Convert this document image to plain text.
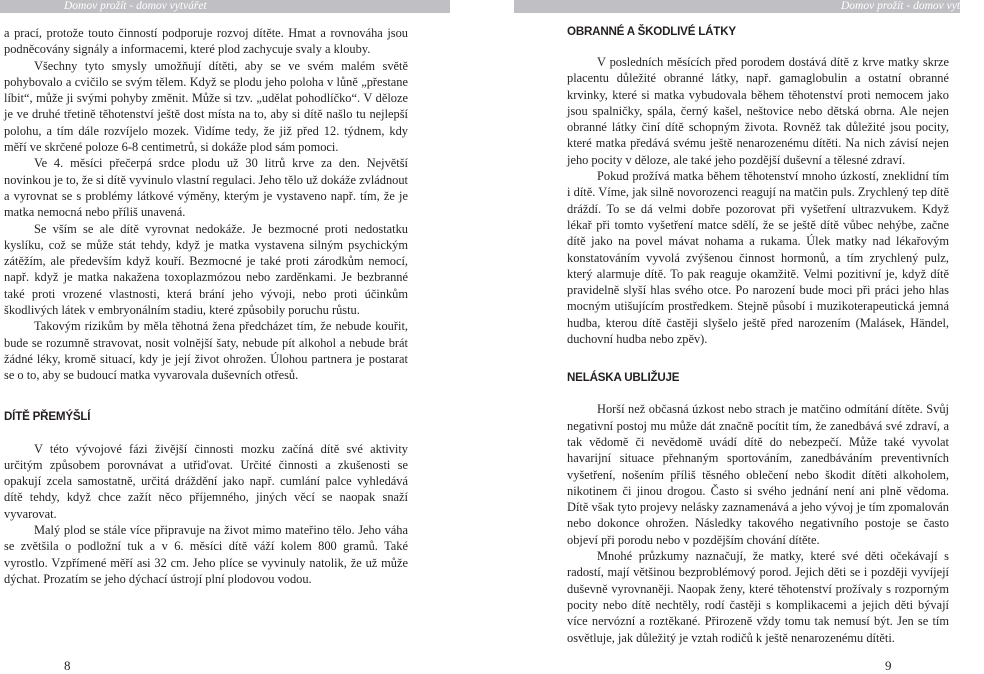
Domov prožít - domov vytvářet

a prací, protože touto činností podporuje rozvoj dítěte. Hmat a rovnováha jsou podněcovány signály a informacemi, které plod zachycuje svaly a klouby.

Všechny tyto smysly umožňují dítěti, aby se ve svém malém světě pohybovalo a cvičilo se svým tělem. Když se plodu jeho poloha v lůně „přestane líbit“, může ji svými pohyby změnit. Může si tzv. „udělat pohodlíčko“. V děloze je ve druhé třetině těhotenství ještě dost místa na to, aby si dítě našlo tu nejlepší polohu, a tím dále rozvíjelo mozek. Vidíme tedy, že již před 12. týdnem, kdy měří ve skrčené poloze 6-8 centimetrů, si dokáže plod sám pomoci.

Ve 4. měsíci přečerpá srdce plodu už 30 litrů krve za den. Největší novinkou je to, že si dítě vyvinulo vlastní regulaci. Jeho tělo už dokáže zvládnout a vyrovnat se s problémy látkové výměny, kterým je vystaveno např. tím, že je matka nemocná nebo příliš unavená.

Se vším se ale dítě vyrovnat nedokáže. Je bezmocné proti nedostatku kyslíku, což se může stát tehdy, když je matka vystavena silným psychickým zátěžím, ale především když kouří. Bezmocné je také proti zárodkům nemocí, např. když je matka nakažena toxoplazmózou nebo zarděnkami. Je bezbranné také proti vrozené vlastnosti, která brání jeho vývoji, nebo proti účinkům škodlivých látek v embryonálním stadiu, které způsobily poruchu růstu.

Takovým rizikům by měla těhotná žena předcházet tím, že nebude kouřit, bude se rozumně stravovat, nosit volnější šaty, nebude pít alkohol a nebude brát žádné léky, kromě situací, kdy je její život ohrožen. Úlohou partnera je postarat se o to, aby se budoucí matka vyvarovala duševních otřesů.

DÍTĚ PŘEMÝŠLÍ

V této vývojové fázi živější činnosti mozku začíná dítě své aktivity určitým způsobem porovnávat a utřiďovat. Určité činnosti a zkušenosti se opakují zcela samostatně, určitá dráždění jako např. cumlání palce vyhledává dítě tehdy, když chce zažít něco příjemného, jiných věcí se naopak snaží vyvarovat.

Malý plod se stále více připravuje na život mimo mateřino tělo. Jeho váha se zvětšila o podložní tuk a v 6. měsíci dítě váží kolem 800 gramů. Také vyrostlo. Vzpřímené měří asi 32 cm. Jeho plíce se vyvinuly natolik, že už může dýchat. Prozatím se jeho dýchací ústrojí plní plodovou vodou.

8
Domov prožít - domov vytvářet
OBRANNÉ A ŠKODLIVÉ LÁTKY

V posledních měsících před porodem dostává dítě z krve matky skrze placentu důležité obranné látky, např. gamaglobulin a ostatní obranné krvinky, které si matka vybudovala během těhotenství proti nemocem jako jsou spalničky, spála, černý kašel, neštovice nebo dětská obrna. Ale nejen obranné látky činí dítě schopným života. Rovněž tak důležité jsou pocity, které matka předává svému ještě nenarozenému dítěti. Na nich závisí nejen jeho pocity v děloze, ale také jeho pozdější duševní a tělesné zdraví.

Pokud prožívá matka během těhotenství mnoho úzkostí, zneklidní tím i dítě. Víme, jak silně novorozenci reagují na matčin puls. Zrychlený tep dítě dráždí. To se dá velmi dobře pozorovat při vyšetření ultrazvukem. Když lékař při tomto vyšetření matce sdělí, že se ještě dítě vůbec nehýbe, začne dítě jako na povel mávat nohama a rukama. Úlek matky nad lékařovým konstatováním vyvolá zvýšenou činnost hormonů, a tím zrychlený pulz, který alarmuje dítě. To pak reaguje okamžitě. Velmi pozitivní je, když dítě pravidelně slyší hlas svého otce. Po narození bude moci při práci jeho hlas mocným utišujícím prostředkem. Stejně působí i muzikoterapeutická jemná hudba, kterou dítě častěji slyšelo ještě před narozením (Malásek, Händel, duchovní hudba nebo zpěv).

NELÁSKA UBLIŽUJE

Horší než občasná úzkost nebo strach je matčino odmítání dítěte. Svůj negativní postoj mu může dát značně pocítit tím, že zanedbává své zdraví, a tak vědomě či nevědomě uvádí dítě do nebezpečí. Může také vyvolat havarijní situace přehnaným sportováním, zanedbáváním preventivních vyšetření, nošením příliš těsného oblečení nebo škodit dítěti alkoholem, nikotinem či jinou drogou. Často si svého jednání není ani plně vědoma. Dítě však tyto projevy nelásky zaznamenává a jeho vývoj je tím zpomalován nebo dokonce ohrožen. Následky takového negativního postoje se často objeví při porodu nebo v pozdějším chování dítěte.

Mnohé průzkumy naznačují, že matky, které své děti očekávají s radostí, mají většinou bezproblémový porod. Jejich děti se i později vyvíjejí duševně vyrovnaněji. Naopak ženy, které těhotenství prožívaly s rozporným pocity nebo dítě nechtěly, rodí častěji s komplikacemi a jejich děti bývají více nervózní a roztěkané. Přirozeně vždy tomu tak nemusí být. Jen se tím osvětluje, jak důležitý je vztah rodičů k ještě nenarozenému dítěti.

9
